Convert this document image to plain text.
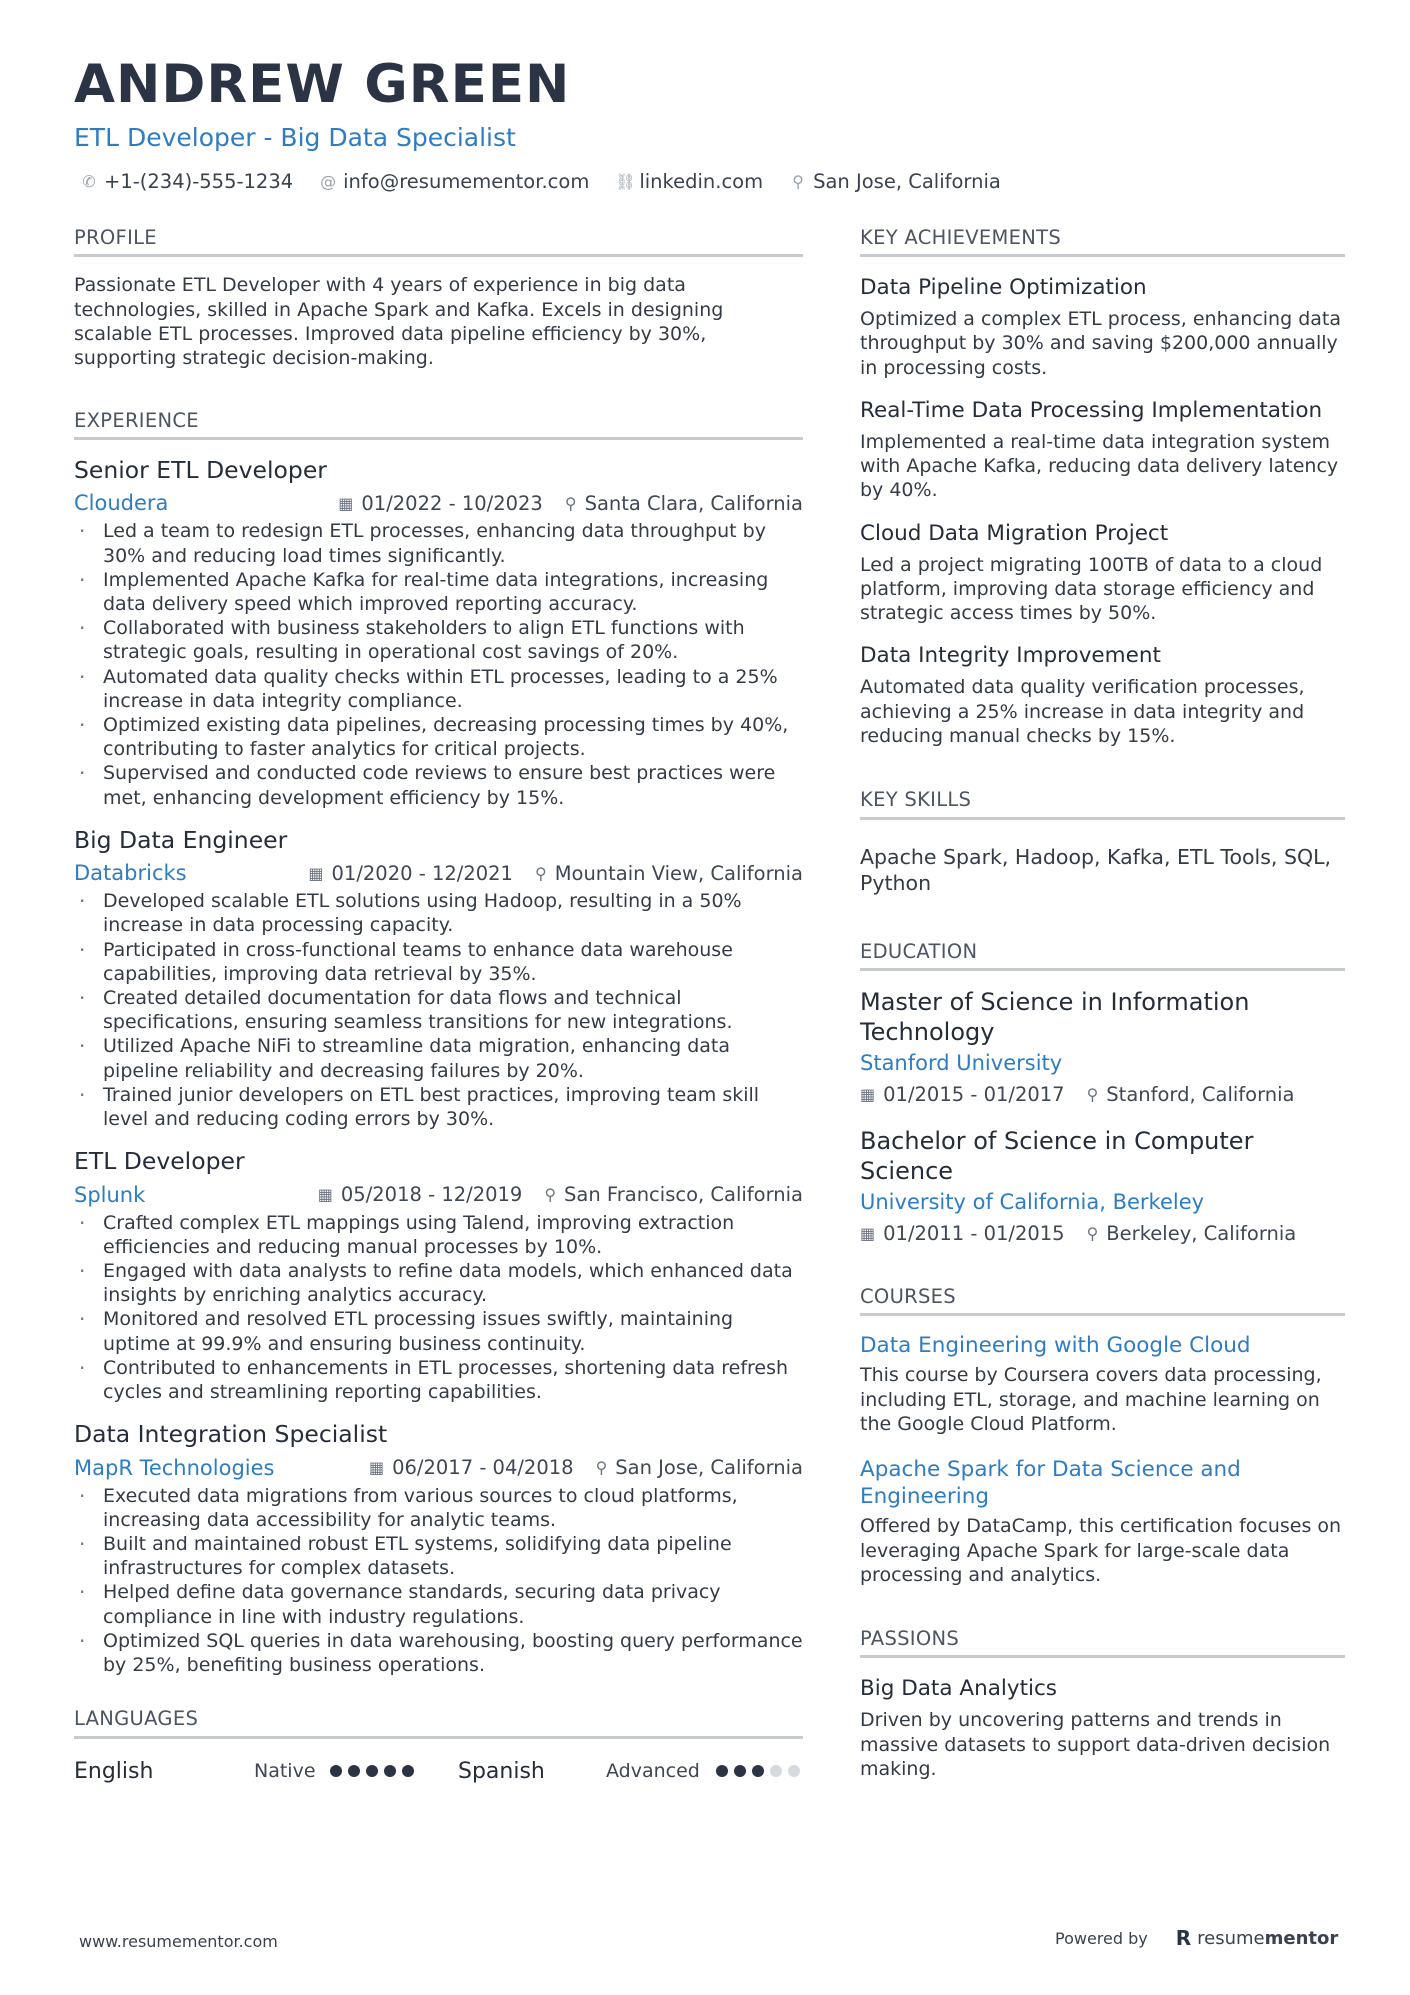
ANDREW GREEN
ETL Developer - Big Data Specialist
✆ +1-(234)-555-1234 @ info@resumementor.com ⛓ linkedin.com ⚲ San Jose, California
PROFILE
Passionate ETL Developer with 4 years of experience in big data technologies, skilled in Apache Spark and Kafka. Excels in designing scalable ETL processes. Improved data pipeline efficiency by 30%, supporting strategic decision-making.
EXPERIENCE
Senior ETL Developer
Cloudera	▦ 01/2022 - 10/2023 ⚲ Santa Clara, California
· Led a team to redesign ETL processes, enhancing data throughput by 30% and reducing load times significantly.
· Implemented Apache Kafka for real-time data integrations, increasing data delivery speed which improved reporting accuracy.
· Collaborated with business stakeholders to align ETL functions with strategic goals, resulting in operational cost savings of 20%.
· Automated data quality checks within ETL processes, leading to a 25% increase in data integrity compliance.
· Optimized existing data pipelines, decreasing processing times by 40%, contributing to faster analytics for critical projects.
· Supervised and conducted code reviews to ensure best practices were met, enhancing development efficiency by 15%.
Big Data Engineer
Databricks	▦ 01/2020 - 12/2021 ⚲ Mountain View, California
· Developed scalable ETL solutions using Hadoop, resulting in a 50% increase in data processing capacity.
· Participated in cross-functional teams to enhance data warehouse capabilities, improving data retrieval by 35%.
· Created detailed documentation for data flows and technical specifications, ensuring seamless transitions for new integrations.
· Utilized Apache NiFi to streamline data migration, enhancing data pipeline reliability and decreasing failures by 20%.
· Trained junior developers on ETL best practices, improving team skill level and reducing coding errors by 30%.
ETL Developer
Splunk	▦ 05/2018 - 12/2019 ⚲ San Francisco, California
· Crafted complex ETL mappings using Talend, improving extraction efficiencies and reducing manual processes by 10%.
· Engaged with data analysts to refine data models, which enhanced data insights by enriching analytics accuracy.
· Monitored and resolved ETL processing issues swiftly, maintaining uptime at 99.9% and ensuring business continuity.
· Contributed to enhancements in ETL processes, shortening data refresh cycles and streamlining reporting capabilities.
Data Integration Specialist
MapR Technologies	▦ 06/2017 - 04/2018 ⚲ San Jose, California
· Executed data migrations from various sources to cloud platforms, increasing data accessibility for analytic teams.
· Built and maintained robust ETL systems, solidifying data pipeline infrastructures for complex datasets.
· Helped define data governance standards, securing data privacy compliance in line with industry regulations.
· Optimized SQL queries in data warehousing, boosting query performance by 25%, benefiting business operations.
LANGUAGES
English	Native	Spanish	Advanced
KEY ACHIEVEMENTS
Data Pipeline Optimization
Optimized a complex ETL process, enhancing data throughput by 30% and saving $200,000 annually in processing costs.
Real-Time Data Processing Implementation
Implemented a real-time data integration system with Apache Kafka, reducing data delivery latency by 40%.
Cloud Data Migration Project
Led a project migrating 100TB of data to a cloud platform, improving data storage efficiency and strategic access times by 50%.
Data Integrity Improvement
Automated data quality verification processes, achieving a 25% increase in data integrity and reducing manual checks by 15%.
KEY SKILLS
Apache Spark, Hadoop, Kafka, ETL Tools, SQL, Python
EDUCATION
Master of Science in Information Technology
Stanford University
▦ 01/2015 - 01/2017 ⚲ Stanford, California
Bachelor of Science in Computer Science
University of California, Berkeley
▦ 01/2011 - 01/2015 ⚲ Berkeley, California
COURSES
Data Engineering with Google Cloud
This course by Coursera covers data processing, including ETL, storage, and machine learning on the Google Cloud Platform.
Apache Spark for Data Science and Engineering
Offered by DataCamp, this certification focuses on leveraging Apache Spark for large-scale data processing and analytics.
PASSIONS
Big Data Analytics
Driven by uncovering patterns and trends in massive datasets to support data-driven decision making.
www.resumementor.com	Powered by R resumementor
